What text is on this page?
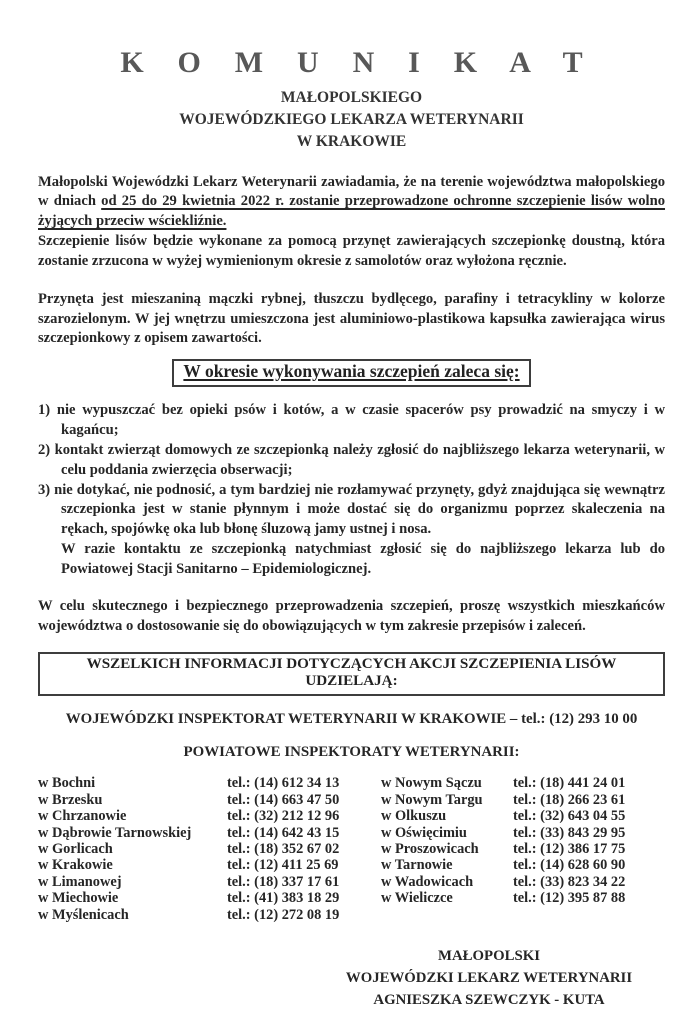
K O M U N I K A T

MAŁOPOLSKIEGO

WOJEWÓDZKIEGO LEKARZA WETERYNARII

W KRAKOWIE

Małopolski Wojewódzki Lekarz Weterynarii zawiadamia, że na terenie województwa małopolskiego w dniach od 25 do 29 kwietnia 2022 r. zostanie przeprowadzone ochronne szczepienie lisów wolno żyjących przeciw wściekliźnie.

Szczepienie lisów będzie wykonane za pomocą przynęt zawierających szczepionkę doustną, która zostanie zrzucona w wyżej wymienionym okresie z samolotów oraz wyłożona ręcznie.

Przynęta jest mieszaniną mączki rybnej, tłuszczu bydlęcego, parafiny i tetracykliny w kolorze szarozielonym. W jej wnętrzu umieszczona jest aluminiowo-plastikowa kapsułka zawierająca wirus szczepionkowy z opisem zawartości.

W okresie wykonywania szczepień zaleca się:

1) nie wypuszczać bez opieki psów i kotów, a w czasie spacerów psy prowadzić na smyczy i w kagańcu;

2) kontakt zwierząt domowych ze szczepionką należy zgłosić do najbliższego lekarza weterynarii, w celu poddania zwierzęcia obserwacji;

3) nie dotykać, nie podnosić, a tym bardziej nie rozłamywać przynęty, gdyż znajdująca się wewnątrz szczepionka jest w stanie płynnym i może dostać się do organizmu poprzez skaleczenia na rękach, spojówkę oka lub błonę śluzową jamy ustnej i nosa.

W razie kontaktu ze szczepionką natychmiast zgłosić się do najbliższego lekarza lub do Powiatowej Stacji Sanitarno – Epidemiologicznej.

W celu skutecznego i bezpiecznego przeprowadzenia szczepień, proszę wszystkich mieszkańców województwa o dostosowanie się do obowiązujących w tym zakresie przepisów i zaleceń.

WSZELKICH INFORMACJI DOTYCZĄCYCH AKCJI SZCZEPIENIA LISÓW UDZIELAJĄ:

WOJEWÓDZKI INSPEKTORAT WETERYNARII W KRAKOWIE – tel.: (12) 293 10 00

POWIATOWE INSPEKTORATY WETERYNARII:

w Bochni	tel.: (14) 612 34 13	w Nowym Sączu	tel.: (18) 441 24 01
w Brzesku	tel.: (14) 663 47 50	w Nowym Targu	tel.: (18) 266 23 61
w Chrzanowie	tel.: (32) 212 12 96	w Olkuszu	tel.: (32) 643 04 55
w Dąbrowie Tarnowskiej	tel.: (14) 642 43 15	w Oświęcimiu	tel.: (33) 843 29 95
w Gorlicach	tel.: (18) 352 67 02	w Proszowicach	tel.: (12) 386 17 75
w Krakowie	tel.: (12) 411 25 69	w Tarnowie	tel.: (14) 628 60 90
w Limanowej	tel.: (18) 337 17 61	w Wadowicach	tel.: (33) 823 34 22
w Miechowie	tel.: (41) 383 18 29	w Wieliczce	tel.: (12) 395 87 88
w Myślenicach	tel.: (12) 272 08 19
MAŁOPOLSKI
WOJEWÓDZKI LEKARZ WETERYNARII
AGNIESZKA SZEWCZYK - KUTA
